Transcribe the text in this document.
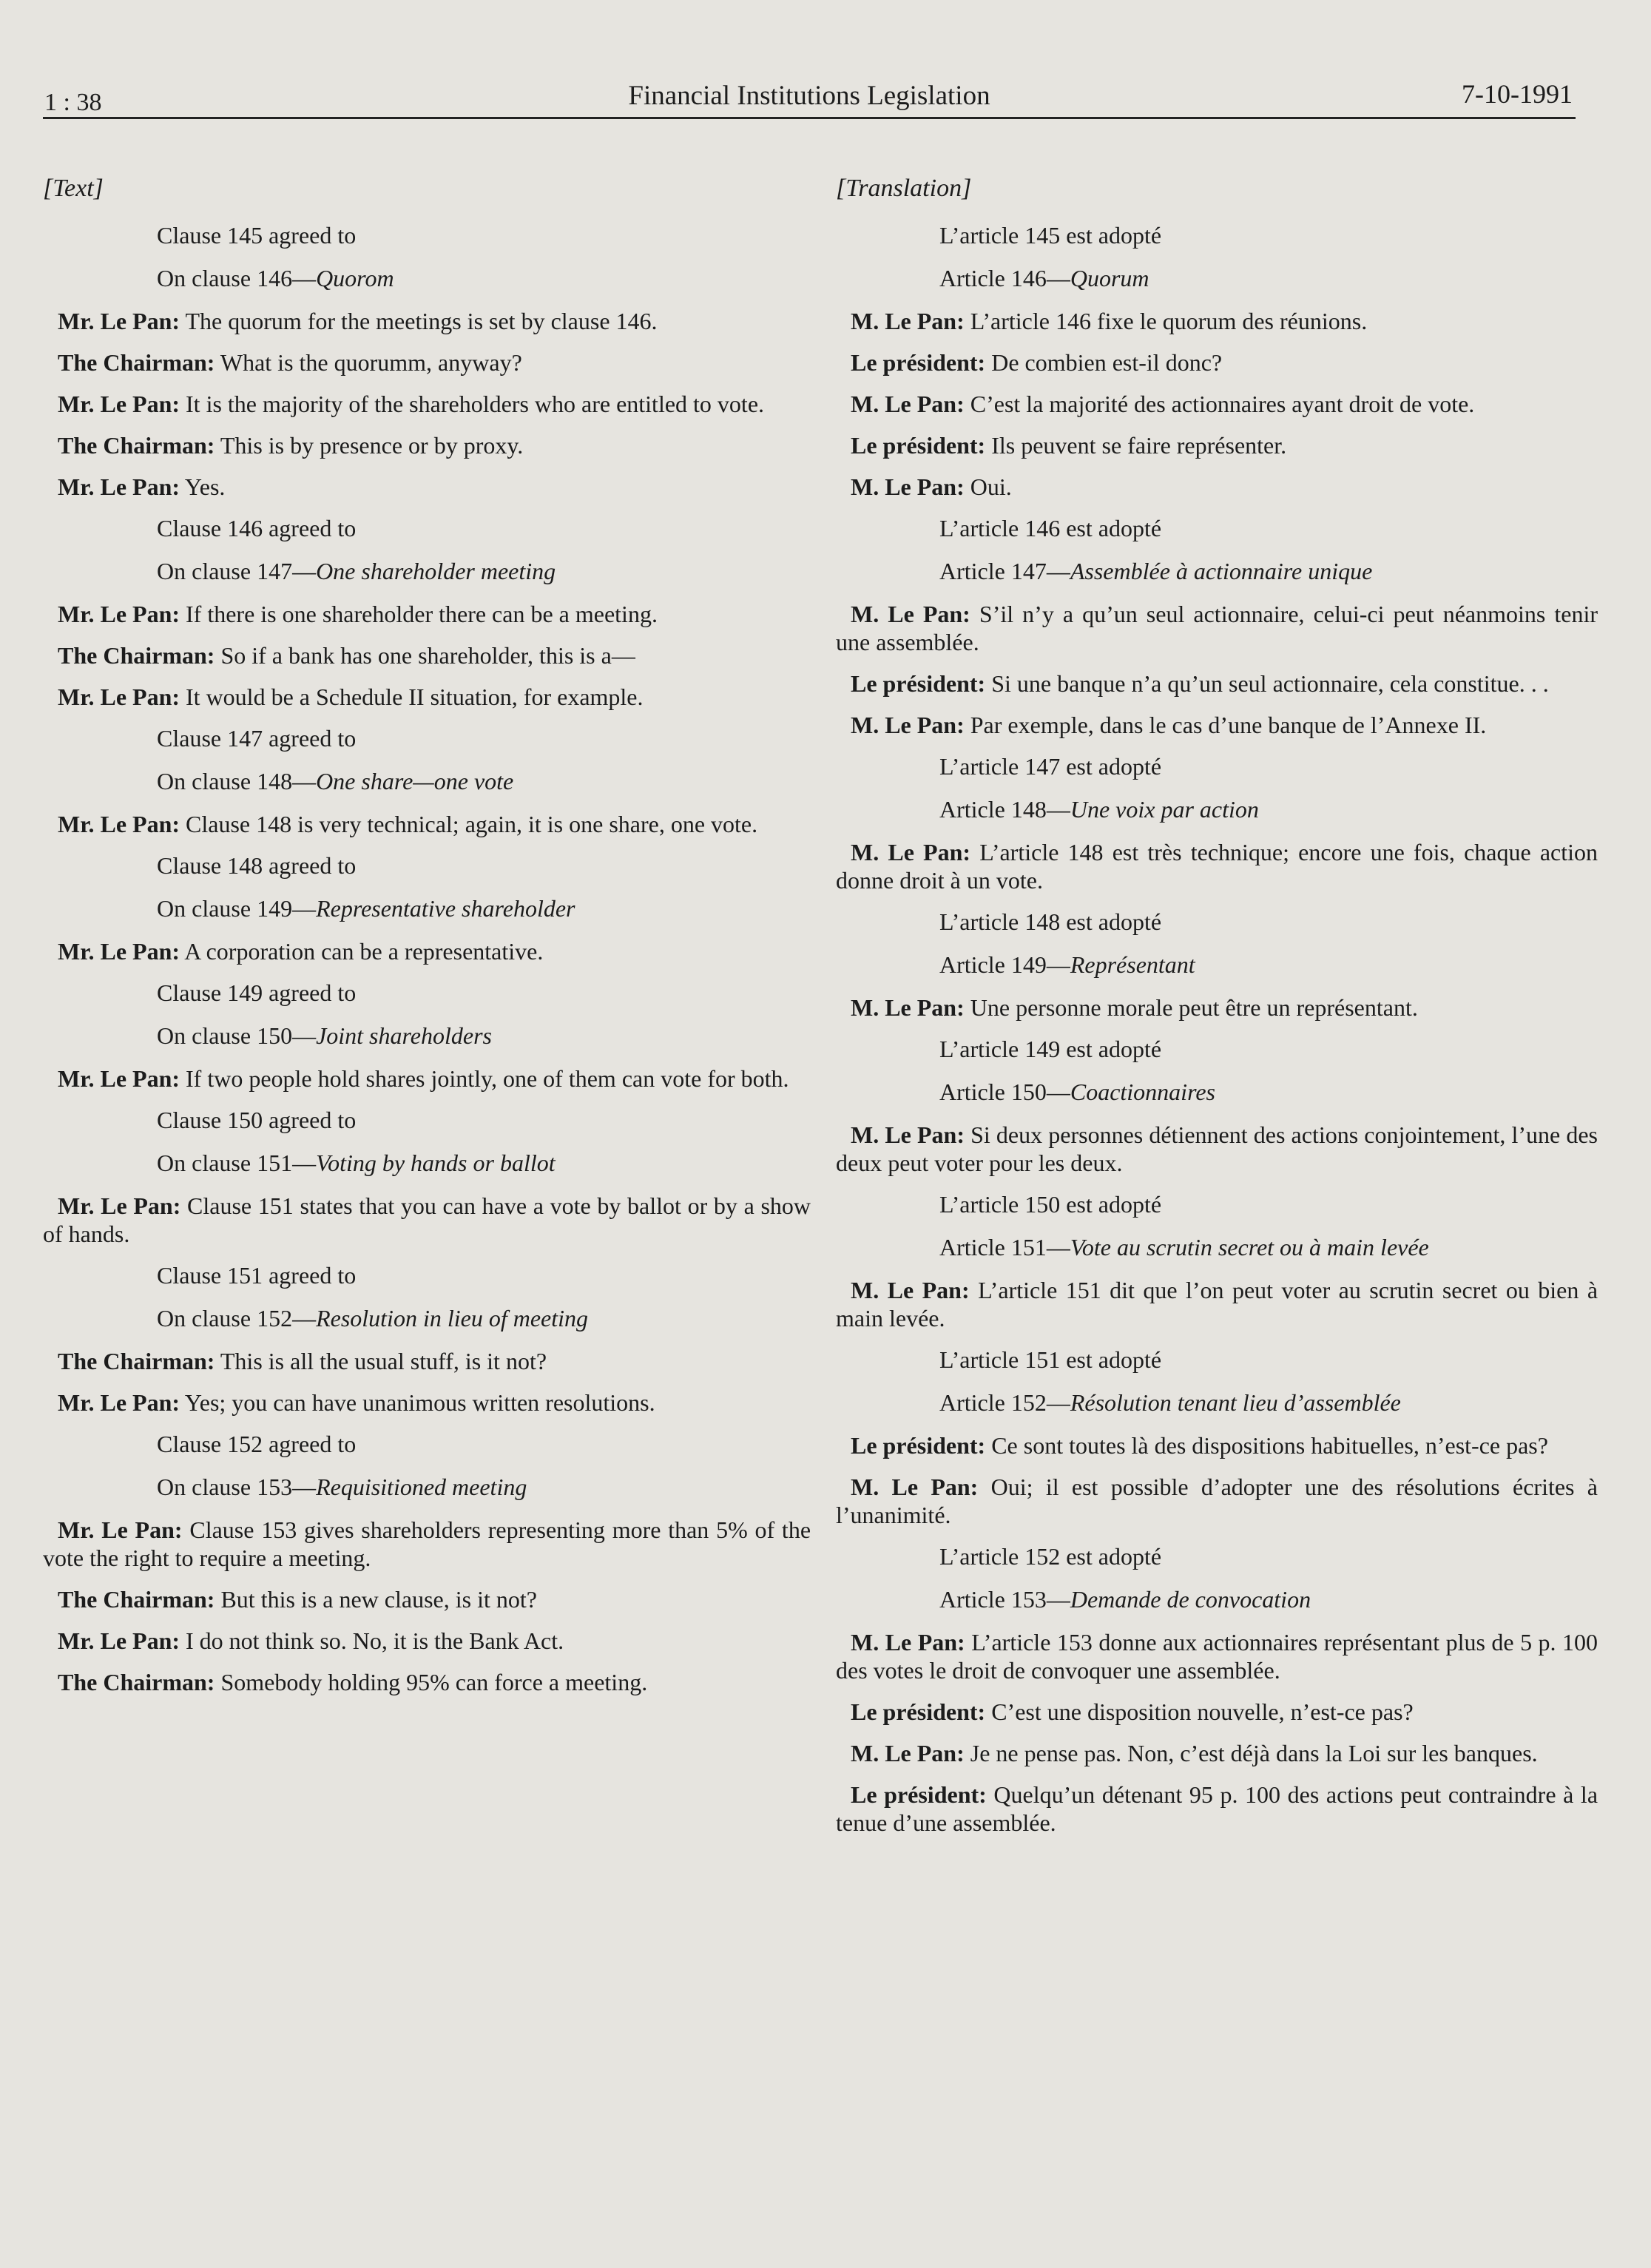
1 : 38	Financial Institutions Legislation	7-10-1991
[Text]
Clause 145 agreed to
On clause 146—Quorom
Mr. Le Pan: The quorum for the meetings is set by clause 146.
The Chairman: What is the quorumm, anyway?
Mr. Le Pan: It is the majority of the shareholders who are entitled to vote.
The Chairman: This is by presence or by proxy.
Mr. Le Pan: Yes.
Clause 146 agreed to
On clause 147—One shareholder meeting
Mr. Le Pan: If there is one shareholder there can be a meeting.
The Chairman: So if a bank has one shareholder, this is a—
Mr. Le Pan: It would be a Schedule II situation, for example.
Clause 147 agreed to
On clause 148—One share—one vote
Mr. Le Pan: Clause 148 is very technical; again, it is one share, one vote.
Clause 148 agreed to
On clause 149—Representative shareholder
Mr. Le Pan: A corporation can be a representative.
Clause 149 agreed to
On clause 150—Joint shareholders
Mr. Le Pan: If two people hold shares jointly, one of them can vote for both.
Clause 150 agreed to
On clause 151—Voting by hands or ballot
Mr. Le Pan: Clause 151 states that you can have a vote by ballot or by a show of hands.
Clause 151 agreed to
On clause 152—Resolution in lieu of meeting
The Chairman: This is all the usual stuff, is it not?
Mr. Le Pan: Yes; you can have unanimous written resolutions.
Clause 152 agreed to
On clause 153—Requisitioned meeting
Mr. Le Pan: Clause 153 gives shareholders representing more than 5% of the vote the right to require a meeting.
The Chairman: But this is a new clause, is it not?
Mr. Le Pan: I do not think so. No, it is the Bank Act.
The Chairman: Somebody holding 95% can force a meeting.
[Translation]
L’article 145 est adopté
Article 146—Quorum
M. Le Pan: L’article 146 fixe le quorum des réunions.
Le président: De combien est-il donc?
M. Le Pan: C’est la majorité des actionnaires ayant droit de vote.
Le président: Ils peuvent se faire représenter.
M. Le Pan: Oui.
L’article 146 est adopté
Article 147—Assemblée à actionnaire unique
M. Le Pan: S’il n’y a qu’un seul actionnaire, celui-ci peut néanmoins tenir une assemblée.
Le président: Si une banque n’a qu’un seul actionnaire, cela constitue. . .
M. Le Pan: Par exemple, dans le cas d’une banque de l’Annexe II.
L’article 147 est adopté
Article 148—Une voix par action
M. Le Pan: L’article 148 est très technique; encore une fois, chaque action donne droit à un vote.
L’article 148 est adopté
Article 149—Représentant
M. Le Pan: Une personne morale peut être un représentant.
L’article 149 est adopté
Article 150—Coactionnaires
M. Le Pan: Si deux personnes détiennent des actions conjointement, l’une des deux peut voter pour les deux.
L’article 150 est adopté
Article 151—Vote au scrutin secret ou à main levée
M. Le Pan: L’article 151 dit que l’on peut voter au scrutin secret ou bien à main levée.
L’article 151 est adopté
Article 152—Résolution tenant lieu d’assemblée
Le président: Ce sont toutes là des dispositions habituelles, n’est-ce pas?
M. Le Pan: Oui; il est possible d’adopter une des résolutions écrites à l’unanimité.
L’article 152 est adopté
Article 153—Demande de convocation
M. Le Pan: L’article 153 donne aux actionnaires représentant plus de 5 p. 100 des votes le droit de convoquer une assemblée.
Le président: C’est une disposition nouvelle, n’est-ce pas?
M. Le Pan: Je ne pense pas. Non, c’est déjà dans la Loi sur les banques.
Le président: Quelqu’un détenant 95 p. 100 des actions peut contraindre à la tenue d’une assemblée.
